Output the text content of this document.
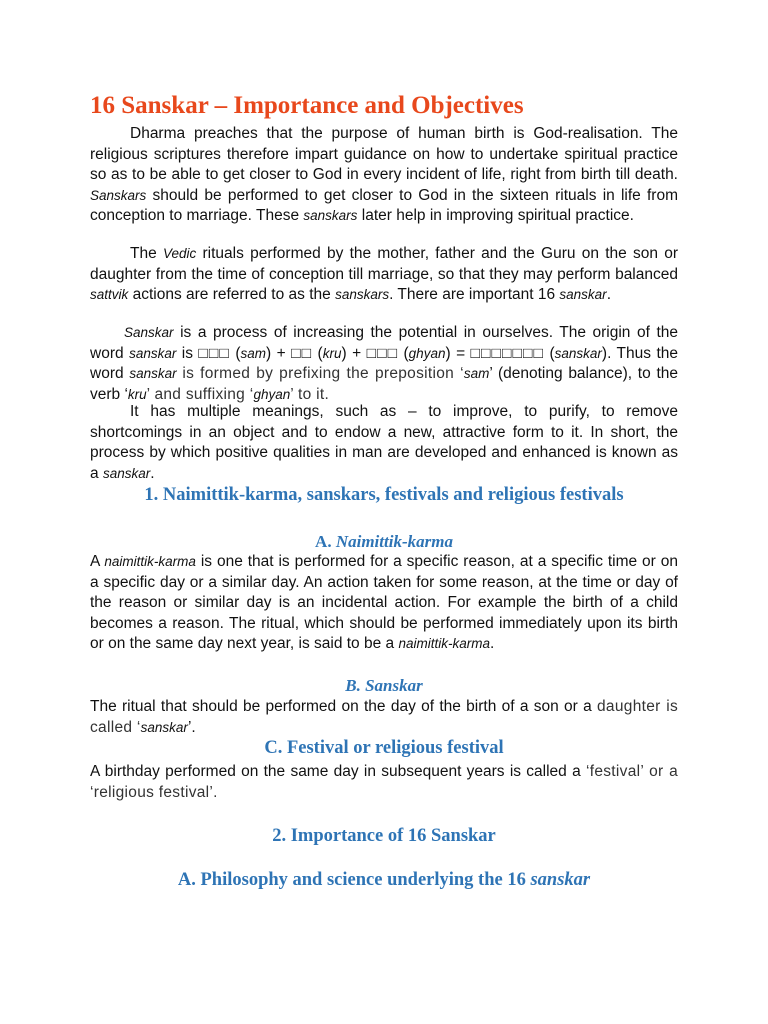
16 Sanskar – Importance and Objectives

Dharma preaches that the purpose of human birth is God-realisation. The religious scriptures therefore impart guidance on how to undertake spiritual practice so as to be able to get closer to God in every incident of life, right from birth till death. Sanskars should be performed to get closer to God in the sixteen rituals in life from conception to marriage. These sanskars later help in improving spiritual practice.

The Vedic rituals performed by the mother, father and the Guru on the son or daughter from the time of conception till marriage, so that they may perform balanced sattvik actions are referred to as the sanskars. There are important 16 sanskar.

Sanskar is a process of increasing the potential in ourselves. The origin of the word sanskar is □□□ (sam) + □□ (kru) + □□□ (ghyan) = □□□□□□□ (sanskar). Thus the word sanskar is formed by prefixing the preposition ‘sam’ (denoting balance), to the verb ‘kru’ and suffixing ‘ghyan’ to it.

It has multiple meanings, such as – to improve, to purify, to remove shortcomings in an object and to endow a new, attractive form to it. In short, the process by which positive qualities in man are developed and enhanced is known as a sanskar.

1. Naimittik-karma, sanskars, festivals and religious festivals
A. Naimittik-karma

A naimittik-karma is one that is performed for a specific reason, at a specific time or on a specific day or a similar day. An action taken for some reason, at the time or day of the reason or similar day is an incidental action. For example the birth of a child becomes a reason. The ritual, which should be performed immediately upon its birth or on the same day next year, is said to be a naimittik-karma.

B. Sanskar

The ritual that should be performed on the day of the birth of a son or a daughter is called ‘sanskar’.

C. Festival or religious festival

A birthday performed on the same day in subsequent years is called a ‘festival’ or a ‘religious festival’.

2. Importance of 16 Sanskar
A. Philosophy and science underlying the 16 sanskar
